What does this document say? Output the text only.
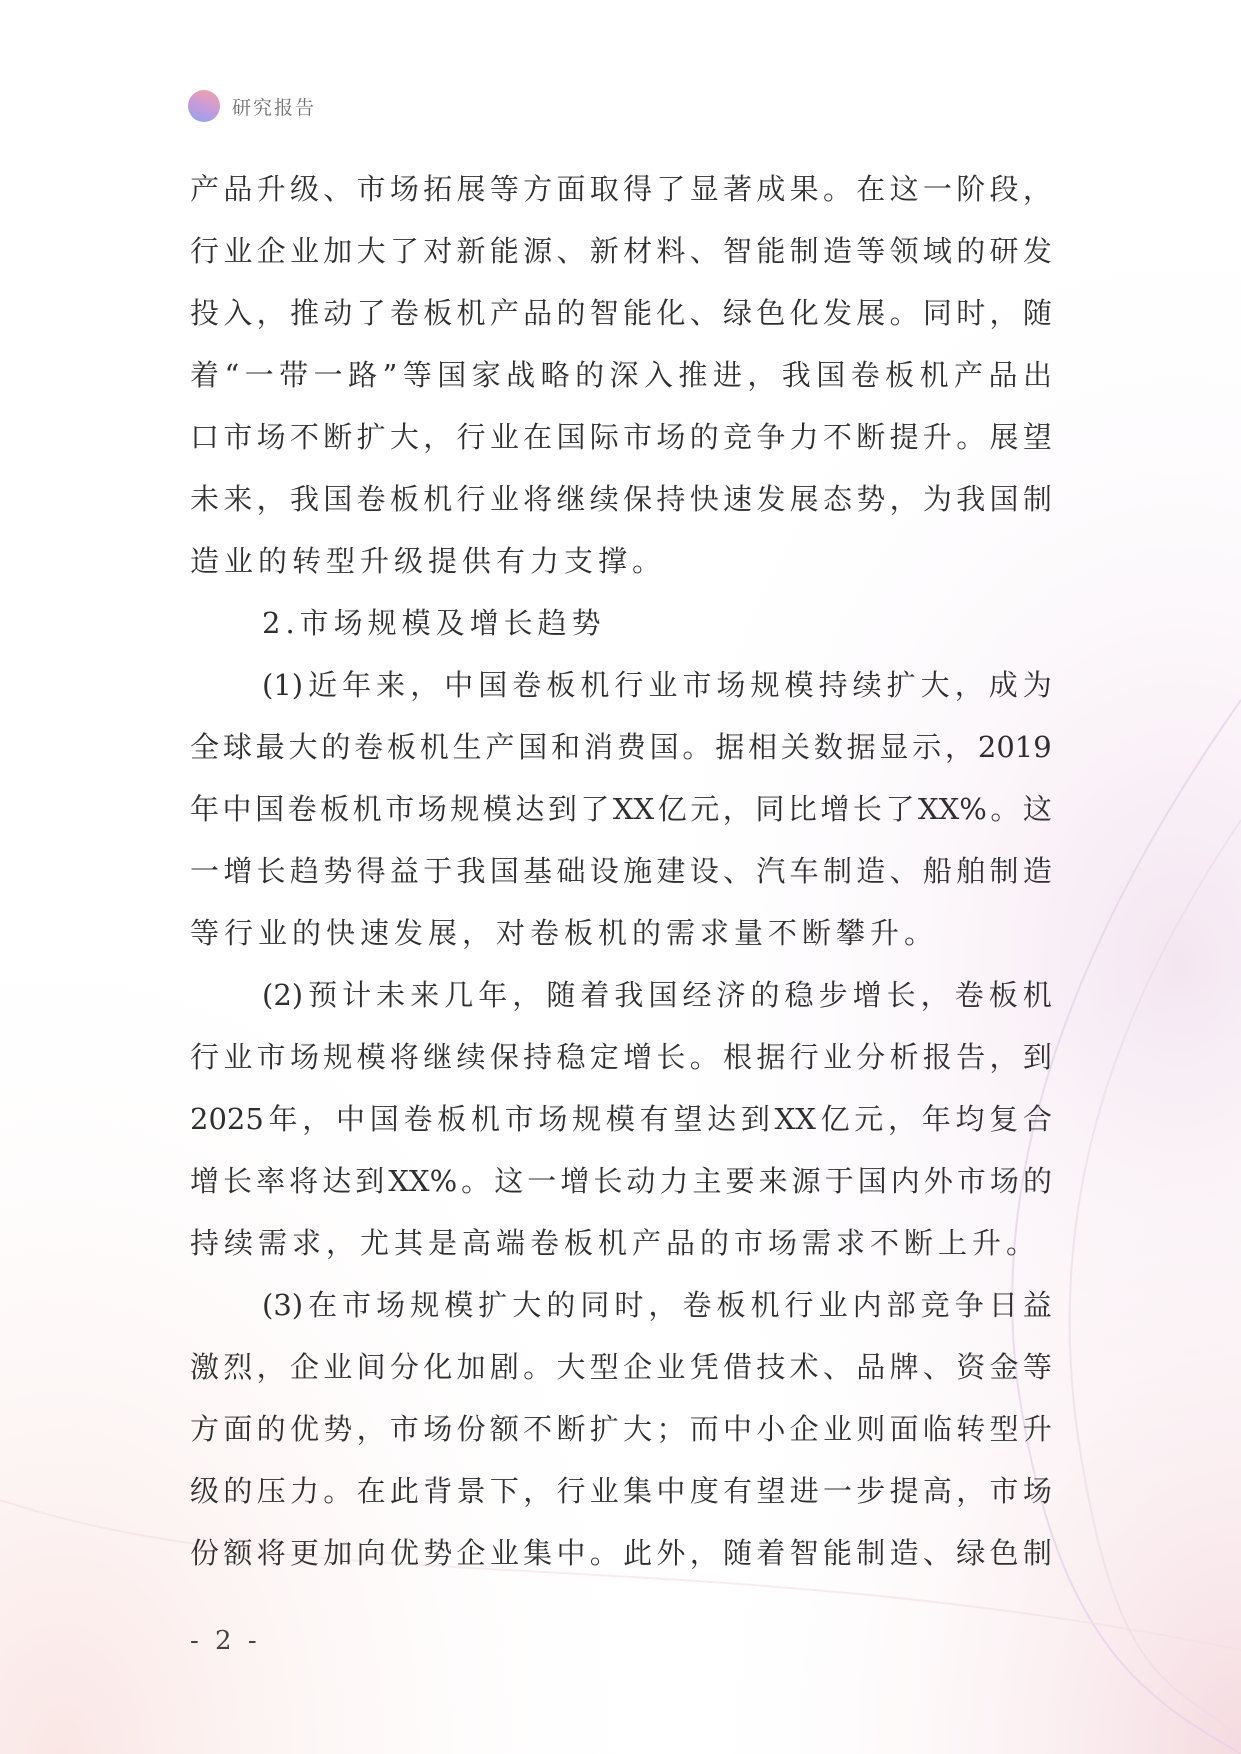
研究报告
产 品 升 级 、 市 场 拓 展 等 方 面 取 得 了 显 著 成 果 。 在 这 一 阶 段 ，
行 业 企 业 加 大 了 对 新 能 源 、 新 材 料 、 智 能 制 造 等 领 域 的 研 发
投 入 ， 推 动 了 卷 板 机 产 品 的 智 能 化 、 绿 色 化 发 展 。 同 时 ， 随
着 “ 一 带 一 路 ” 等 国 家 战 略 的 深 入 推 进 ， 我 国 卷 板 机 产 品 出
口 市 场 不 断 扩 大 ， 行 业 在 国 际 市 场 的 竞 争 力 不 断 提 升 。 展 望
未 来 ， 我 国 卷 板 机 行 业 将 继 续 保 持 快 速 发 展 态 势 ， 为 我 国 制
造业的转型升级提供有力支撑。
2.市场规模及增长趋势
(1) 近 年 来 ， 中 国 卷 板 机 行 业 市 场 规 模 持 续 扩 大 ， 成 为
全 球 最 大 的 卷 板 机 生 产 国 和 消 费 国 。 据 相 关 数 据 显 示 ， 2019
年 中 国 卷 板 机 市 场 规 模 达 到 了 XX 亿 元 ， 同 比 增 长 了 XX% 。 这
一 增 长 趋 势 得 益 于 我 国 基 础 设 施 建 设 、 汽 车 制 造 、 船 舶 制 造
等行业的快速发展，对卷板机的需求量不断攀升。
(2) 预 计 未 来 几 年 ， 随 着 我 国 经 济 的 稳 步 增 长 ， 卷 板 机
行 业 市 场 规 模 将 继 续 保 持 稳 定 增 长 。 根 据 行 业 分 析 报 告 ， 到
2025 年 ， 中 国 卷 板 机 市 场 规 模 有 望 达 到 XX 亿 元 ， 年 均 复 合
增 长 率 将 达 到 XX% 。 这 一 增 长 动 力 主 要 来 源 于 国 内 外 市 场 的
持续需求，尤其是高端卷板机产品的市场需求不断上升。
(3) 在 市 场 规 模 扩 大 的 同 时 ， 卷 板 机 行 业 内 部 竞 争 日 益
激 烈 ， 企 业 间 分 化 加 剧 。 大 型 企 业 凭 借 技 术 、 品 牌 、 资 金 等
方 面 的 优 势 ， 市 场 份 额 不 断 扩 大 ； 而 中 小 企 业 则 面 临 转 型 升
级 的 压 力 。 在 此 背 景 下 ， 行 业 集 中 度 有 望 进 一 步 提 高 ， 市 场
份 额 将 更 加 向 优 势 企 业 集 中 。 此 外 ， 随 着 智 能 制 造 、 绿 色 制
- 2 -
